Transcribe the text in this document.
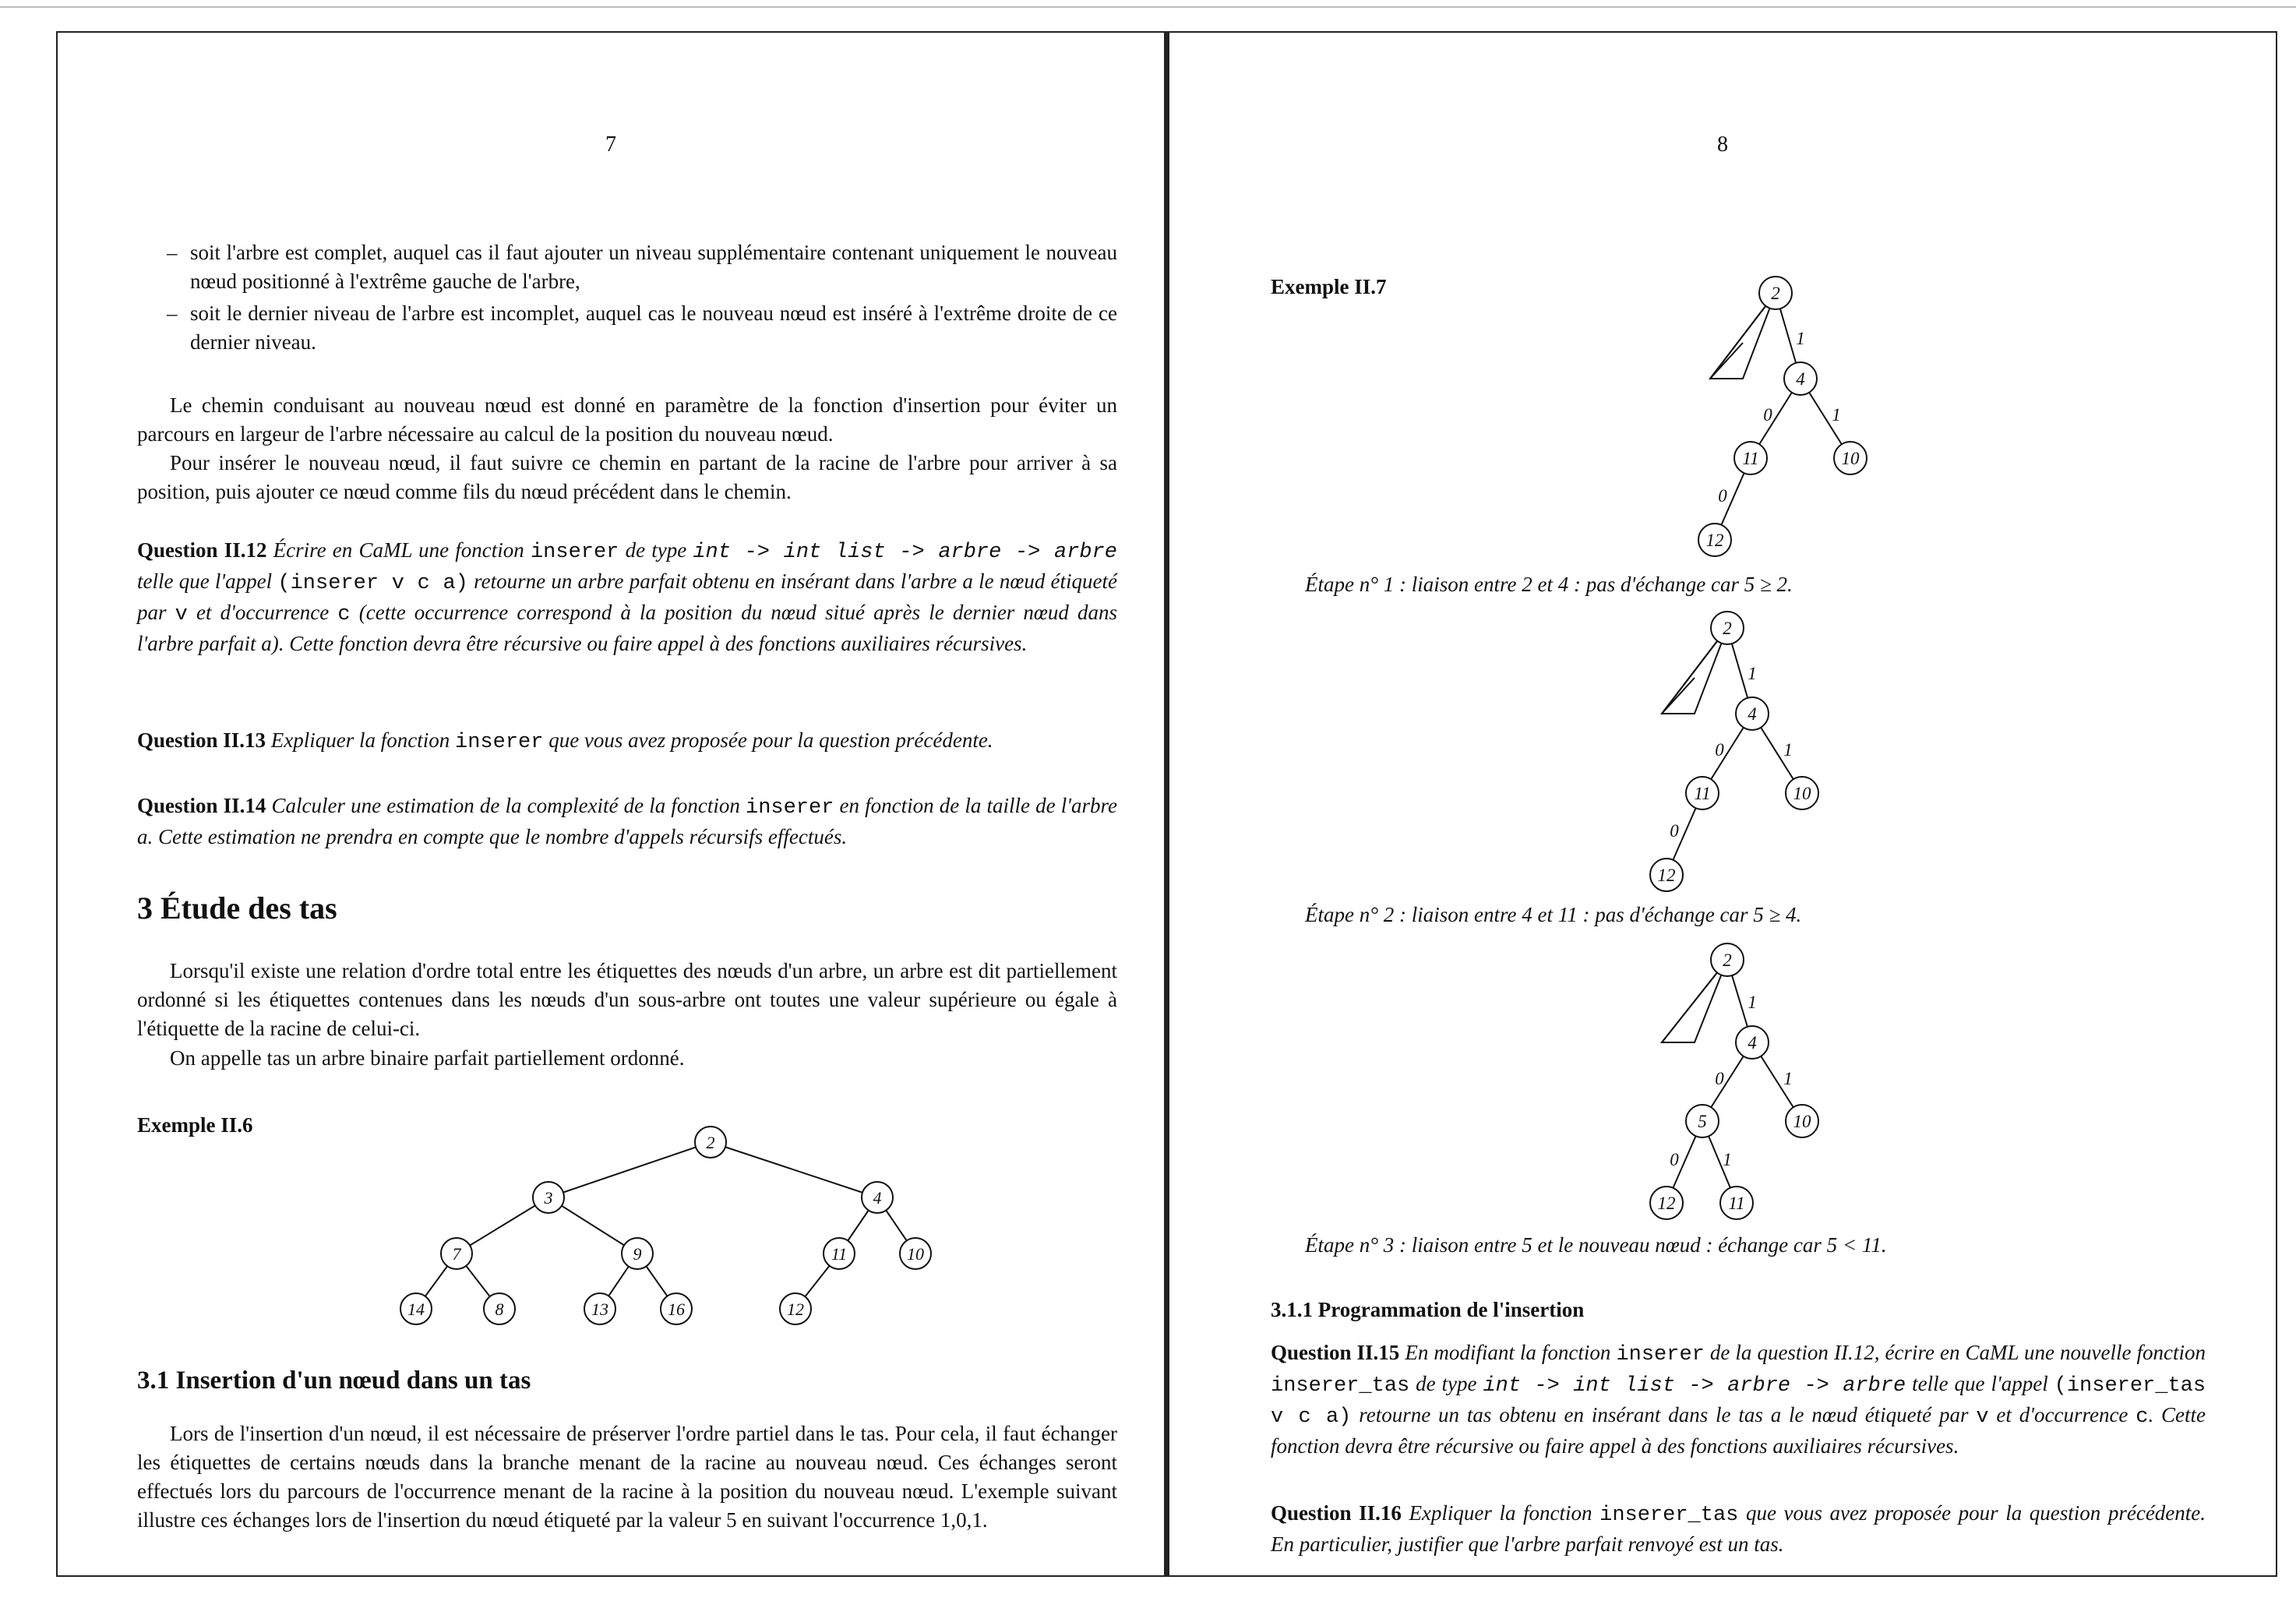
7
– soit l'arbre est complet, auquel cas il faut ajouter un niveau supplémentaire contenant uniquement le nouveau nœud positionné à l'extrême gauche de l'arbre,
– soit le dernier niveau de l'arbre est incomplet, auquel cas le nouveau nœud est inséré à l'extrême droite de ce dernier niveau.
Le chemin conduisant au nouveau nœud est donné en paramètre de la fonction d'insertion pour éviter un parcours en largeur de l'arbre nécessaire au calcul de la position du nouveau nœud.
Pour insérer le nouveau nœud, il faut suivre ce chemin en partant de la racine de l'arbre pour arriver à sa position, puis ajouter ce nœud comme fils du nœud précédent dans le chemin.
Question II.12 Écrire en CaML une fonction inserer de type int -> int list -> arbre -> arbre telle que l'appel (inserer v c a) retourne un arbre parfait obtenu en insérant dans l'arbre a le nœud étiqueté par v et d'occurrence c (cette occurrence correspond à la position du nœud situé après le dernier nœud dans l'arbre parfait a). Cette fonction devra être récursive ou faire appel à des fonctions auxiliaires récursives.
Question II.13 Expliquer la fonction inserer que vous avez proposée pour la question précédente.
Question II.14 Calculer une estimation de la complexité de la fonction inserer en fonction de la taille de l'arbre a. Cette estimation ne prendra en compte que le nombre d'appels récursifs effectués.
3 Étude des tas
Lorsqu'il existe une relation d'ordre total entre les étiquettes des nœuds d'un arbre, un arbre est dit partiellement ordonné si les étiquettes contenues dans les nœuds d'un sous-arbre ont toutes une valeur supérieure ou égale à l'étiquette de la racine de celui-ci.
On appelle tas un arbre binaire parfait partiellement ordonné.
Exemple II.6
2
3	4
7	9	11	10
14	8	13	16	12
3.1 Insertion d'un nœud dans un tas
Lors de l'insertion d'un nœud, il est nécessaire de préserver l'ordre partiel dans le tas. Pour cela, il faut échanger les étiquettes de certains nœuds dans la branche menant de la racine au nouveau nœud. Ces échanges seront effectués lors du parcours de l'occurrence menant de la racine à la position du nouveau nœud. L'exemple suivant illustre ces échanges lors de l'insertion du nœud étiqueté par la valeur 5 en suivant l'occurrence 1,0,1.
8
Exemple II.7	2
4
11	10
12
1
0	1
0
Étape n° 1 : liaison entre 2 et 4 : pas d'échange car 5 ≥ 2.
2
4
11	10
12
1
0	1
0
Étape n° 2 : liaison entre 4 et 11 : pas d'échange car 5 ≥ 4.
2
4
5	10
12	11
1
0	1
0 1
Étape n° 3 : liaison entre 5 et le nouveau nœud : échange car 5 < 11.
3.1.1 Programmation de l'insertion
Question II.15 En modifiant la fonction inserer de la question II.12, écrire en CaML une nouvelle fonction inserer_tas de type int -> int list -> arbre -> arbre telle que l'appel (inserer_tas v c a) retourne un tas obtenu en insérant dans le tas a le nœud étiqueté par v et d'occurrence c. Cette fonction devra être récursive ou faire appel à des fonctions auxiliaires récursives.
Question II.16 Expliquer la fonction inserer_tas que vous avez proposée pour la question précédente. En particulier, justifier que l'arbre parfait renvoyé est un tas.
